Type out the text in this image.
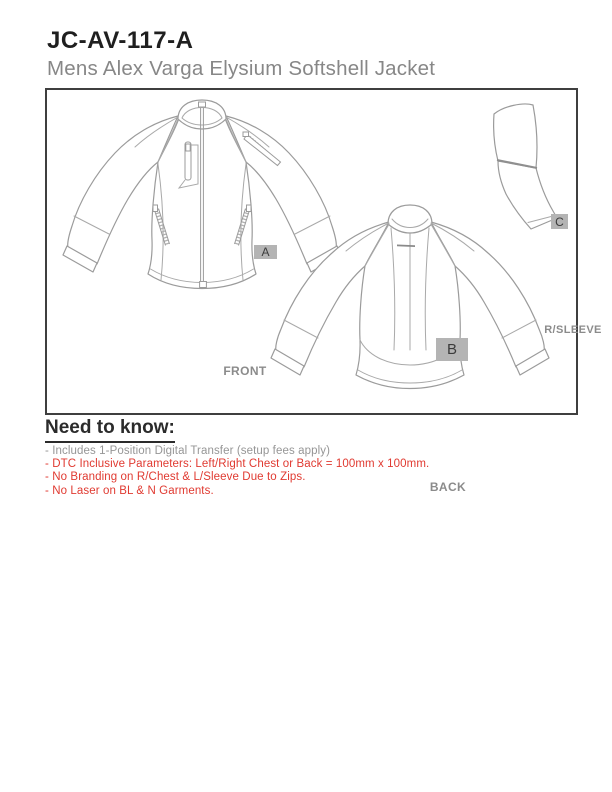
JC-AV-117-A
Mens Alex Varga Elysium Softshell Jacket
A
B
C
FRONT
BACK
R/SLEEVE
Need to know:

- Includes 1-Position Digital Transfer (setup fees apply)

- DTC Inclusive Parameters: Left/Right Chest or Back = 100mm x 100mm.

- No Branding on R/Chest & L/Sleeve Due to Zips.

- No Laser on BL & N Garments.
